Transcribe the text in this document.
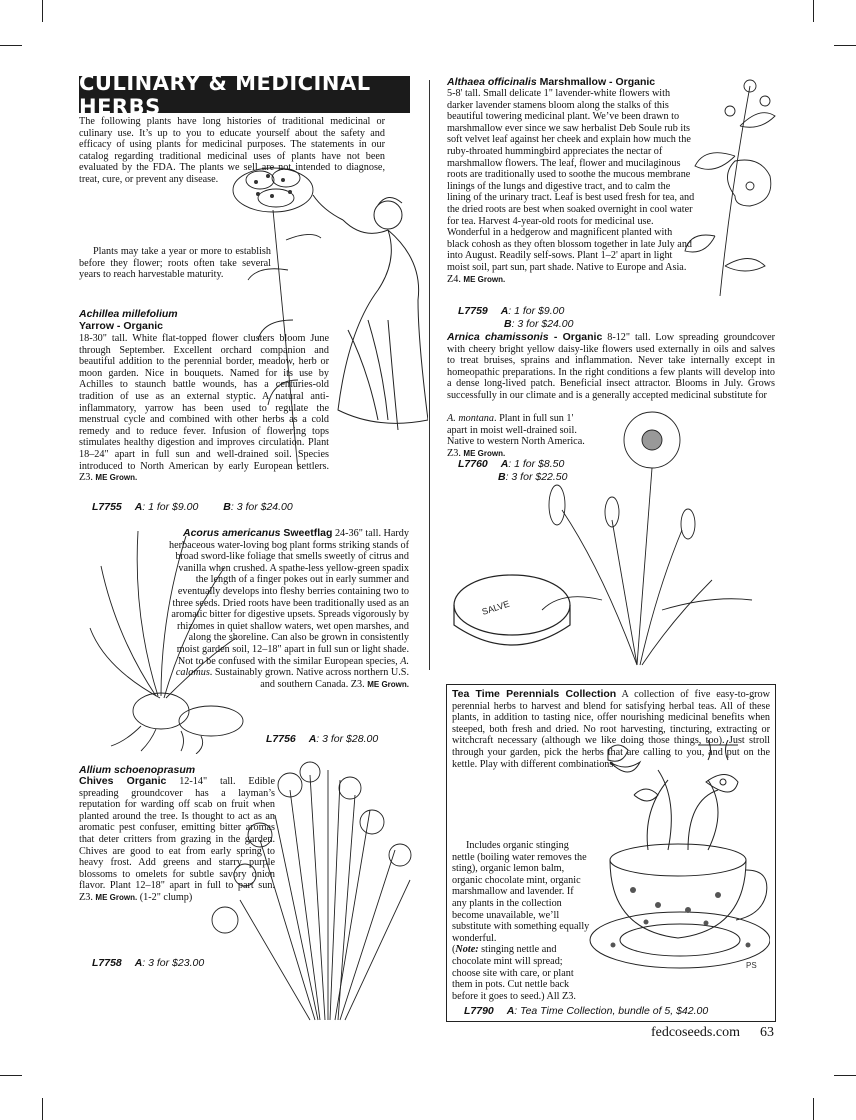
CULINARY & MEDICINAL HERBS

The following plants have long histories of traditional medicinal or culinary use. It’s up to you to educate yourself about the safety and efficacy of using plants for medicinal purposes. The statements in our catalog regarding traditional medicinal uses of plants have not been evaluated by the FDA. The plants we sell are not intended to diagnose, treat, cure, or prevent any disease.

Plants may take a year or more to establish before they flower; roots often take several years to reach harvestable maturity.

Achillea millefolium
Yarrow - Organic

18-30" tall. White flat-topped flower clusters bloom June through September. Excellent orchard companion and beautiful addition to the perennial border, meadow, herb or moon garden. Nice in bouquets. Named for its use by Achilles to staunch battle wounds, has a centuries-old tradition of use as an external styptic. A natural anti-inflammatory, yarrow has been used to regulate the menstrual cycle and combined with other herbs as a cold remedy and to reduce fever. Infusion of flowering tops stimulates healthy digestion and improves circulation. Plant 18–24" apart in full sun and well-drained soil. Species introduced to North American by early European settlers. Z3. ME Grown.

L7755 A: 1 for $9.00 B: 3 for $24.00

Acorus americanus Sweetflag 24-36" tall. Hardy herbaceous water-loving bog plant forms striking stands of broad sword-like foliage that smells sweetly of citrus and vanilla when crushed. A spathe-less yellow-green spadix the length of a finger pokes out in early summer and eventually develops into fleshy berries containing two to three seeds. Dried roots have been traditionally used as an aromatic bitter for digestive upsets. Spreads vigorously by rhizomes in quiet shallow waters, wet open marshes, and along the shoreline. Can also be grown in consistently moist garden soil, 12–18" apart in full sun or light shade. Not to be confused with the similar European species, A. calamus. Sustainably grown. Native across northern U.S. and southern Canada. Z3. ME Grown.

L7756 A: 3 for $28.00
Allium schoenoprasum

Chives Organic 12-14" tall. Edible spreading groundcover has a layman’s reputation for warding off scab on fruit when planted around the tree. Is thought to act as an aromatic pest confuser, emitting bitter aromas that deter critters from grazing in the garden. Chives are good to eat from early spring to heavy frost. Add greens and starry purple blossoms to omelets for subtle savory onion flavor. Plant 12–18" apart in full to part sun. Z3. ME Grown. (1-2" clump)

L7758 A: 3 for $23.00
Althaea officinalis Marshmallow - Organic

5-8' tall. Small delicate 1" lavender-white flowers with darker lavender stamens bloom along the stalks of this beautiful towering medicinal plant. We’ve been drawn to marshmallow ever since we saw herbalist Deb Soule rub its soft velvet leaf against her cheek and explain how much the ruby-throated hummingbird appreciates the nectar of marshmallow flowers. The leaf, flower and mucilaginous roots are traditionally used to soothe the mucous membrane linings of the lungs and digestive tract, and to calm the lining of the urinary tract. Leaf is best used fresh for tea, and the dried roots are best when soaked overnight in cool water for tea. Harvest 4-year-old roots for medicinal use. Wonderful in a hedgerow and magnificent planted with black cohosh as they often blossom together in late July and into August. Readily self-sows. Plant 1–2' apart in light moist soil, part sun, part shade. Native to Europe and Asia. Z4. ME Grown.

L7759 A: 1 for $9.00
B: 3 for $24.00

Arnica chamissonis - Organic 8-12" tall. Low spreading groundcover with cheery bright yellow daisy-like flowers used externally in oils and salves to treat bruises, sprains and inflammation. Never take internally except in homeopathic preparations. In the right conditions a few plants will develop into a dense long-lived patch. Beneficial insect attractor. Blooms in July. Grows successfully in our climate and is a generally accepted medicinal substitute for

A. montana. Plant in full sun 1' apart in moist well-drained soil. Native to western North America. Z3. ME Grown.

L7760 A: 1 for $8.50
B: 3 for $22.50
SALVE

Tea Time Perennials Collection A collection of five easy-to-grow perennial herbs to harvest and blend for satisfying herbal teas. All of these plants, in addition to tasting nice, offer nourishing medicinal benefits when steeped, both fresh and dried. No root harvesting, tincturing, extracting or witchcraft necessary (although we like doing those things, too). Just stroll through your garden, pick the herbs that are calling to you, and put on the kettle. Play with different combinations.

Includes organic stinging nettle (boiling water removes the sting), organic lemon balm, organic chocolate mint, organic marshmallow and lavender. If any plants in the collection become unavailable, we’ll substitute with something equally wonderful.

(Note: stinging nettle and chocolate mint will spread; choose site with care, or plant them in pots. Cut nettle back before it goes to seed.) All Z3.

PS
L7790 A: Tea Time Collection, bundle of 5, $42.00
fedcoseeds.com 63
